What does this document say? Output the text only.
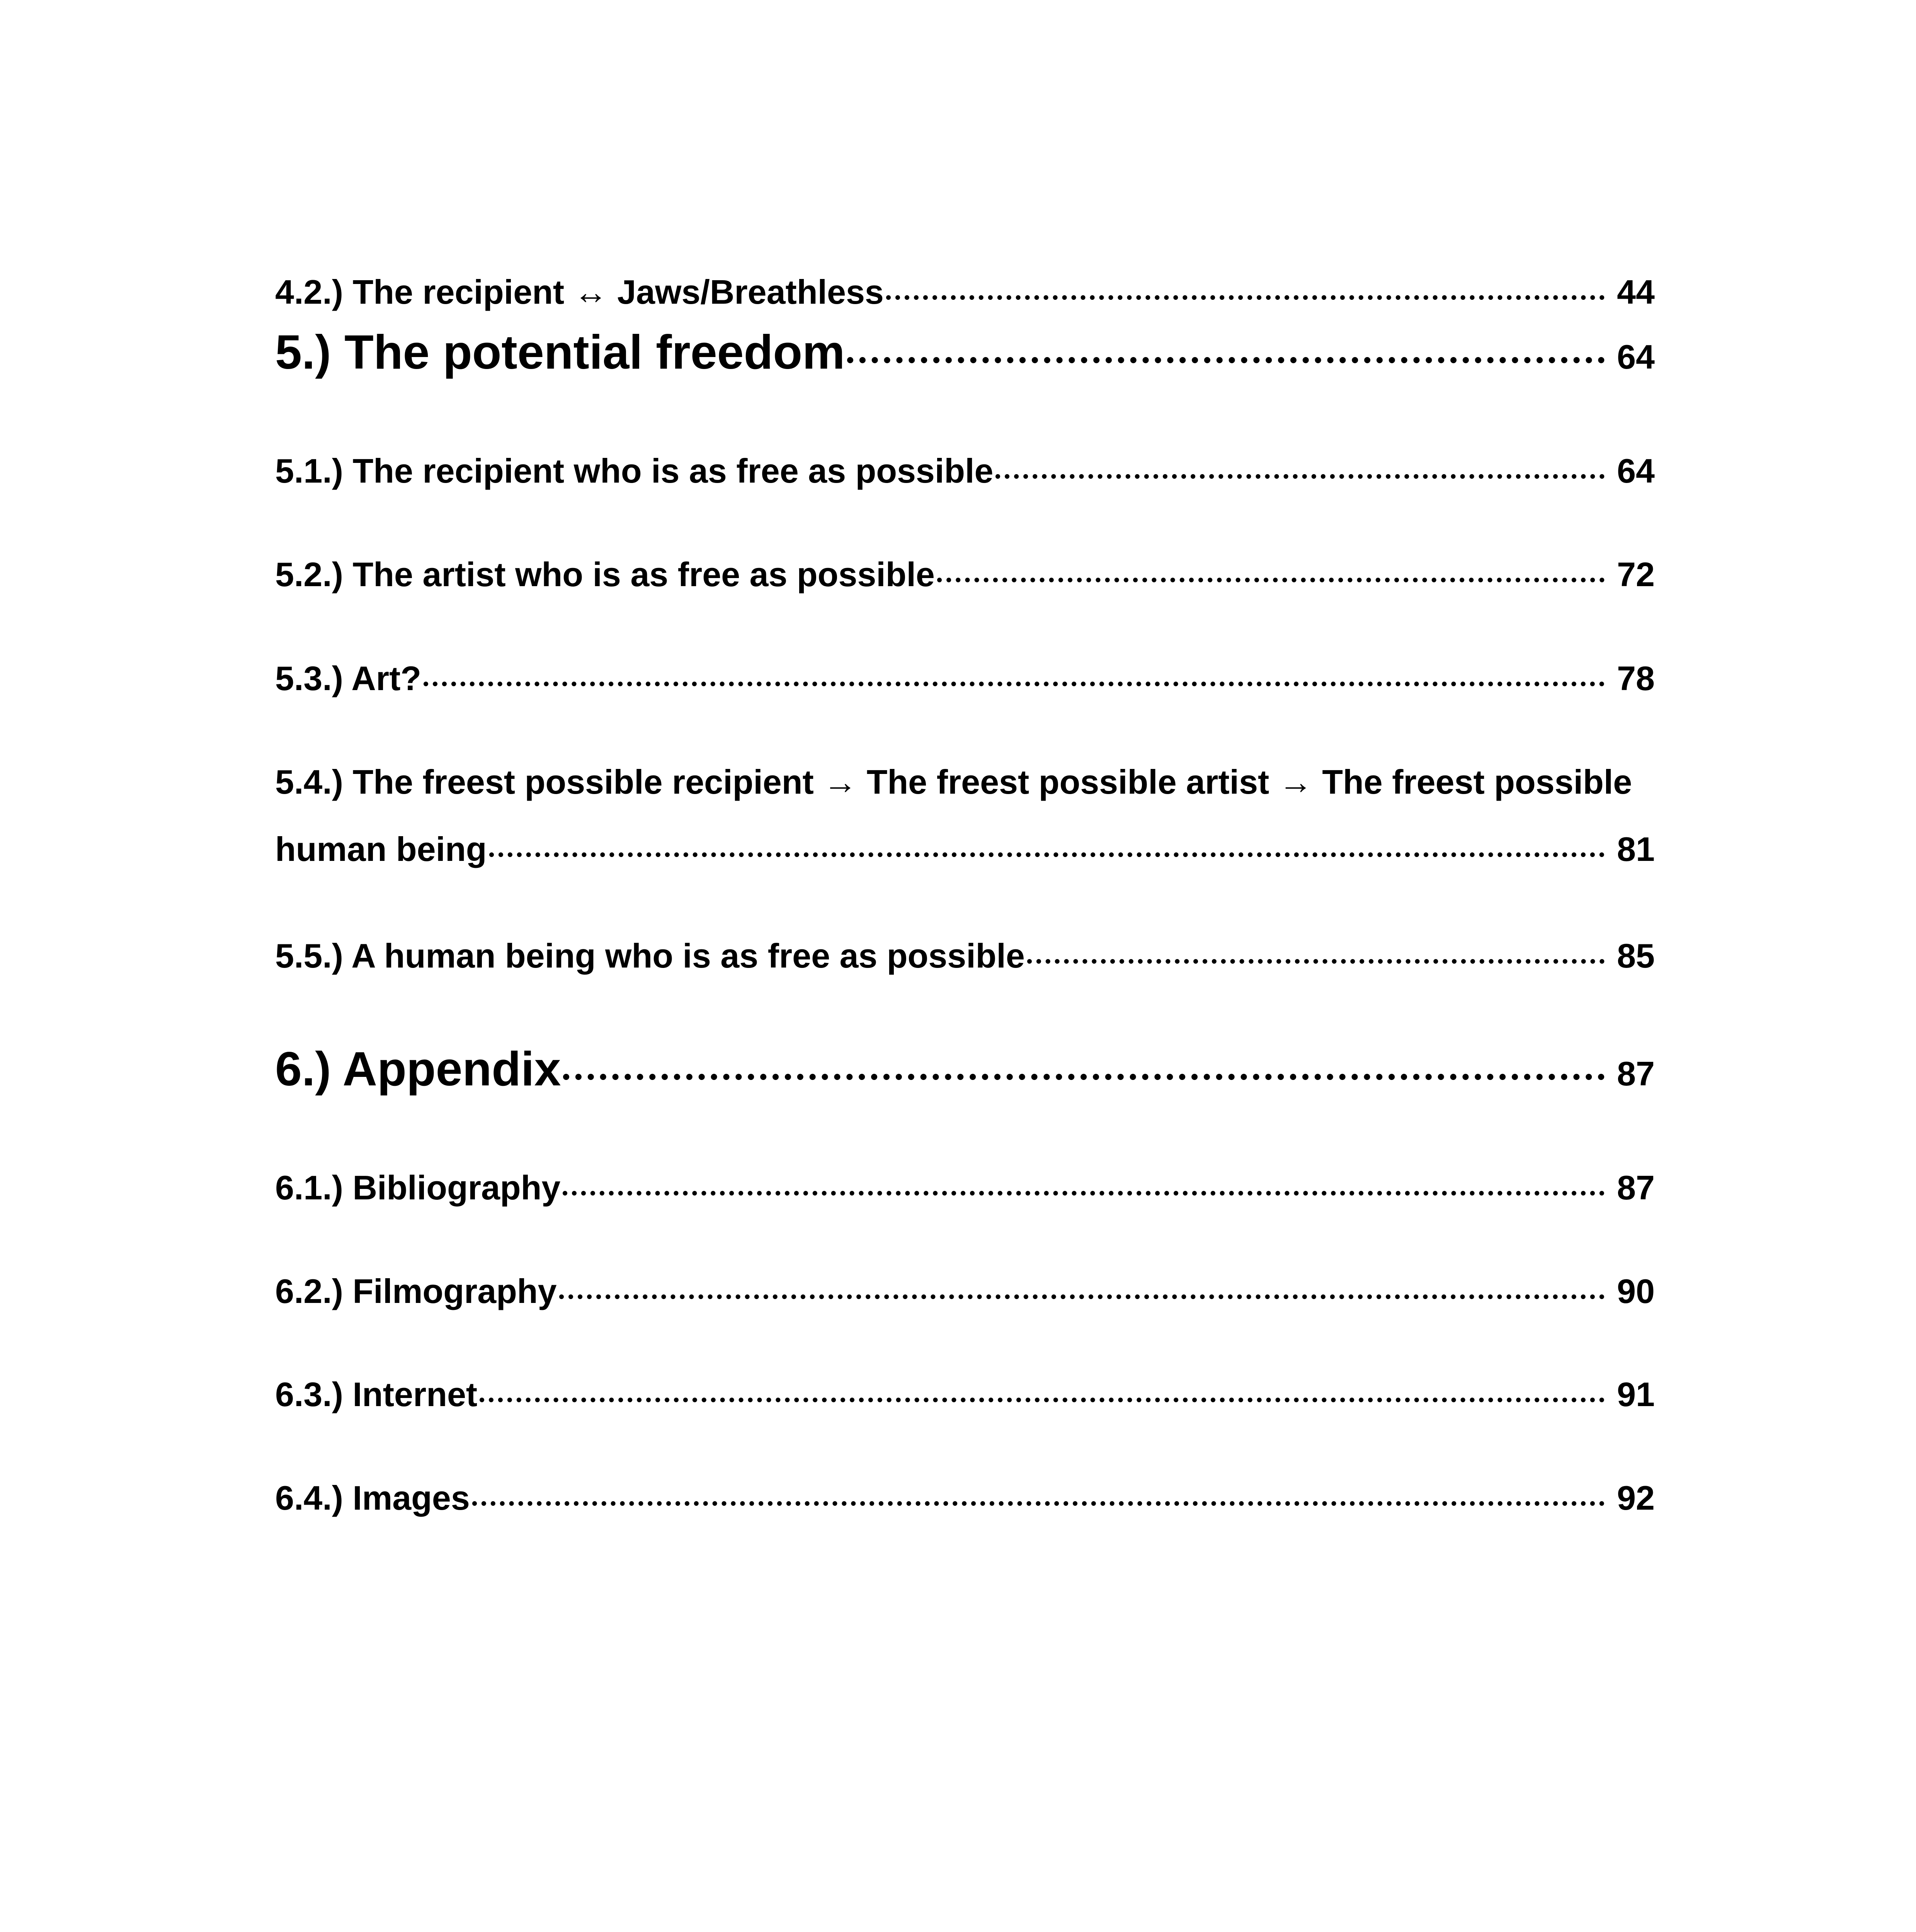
4.2.) The recipient ↔ Jaws/Breathless	44
5.) The potential freedom	64
5.1.) The recipient who is as free as possible	64
5.2.) The artist who is as free as possible	72
5.3.) Art?	78
5.4.) The freest possible recipient → The freest possible artist → The freest possible
human being	81
5.5.) A human being who is as free as possible	85
6.) Appendix	87
6.1.) Bibliography	87
6.2.) Filmography	90
6.3.) Internet	91
6.4.) Images	92
